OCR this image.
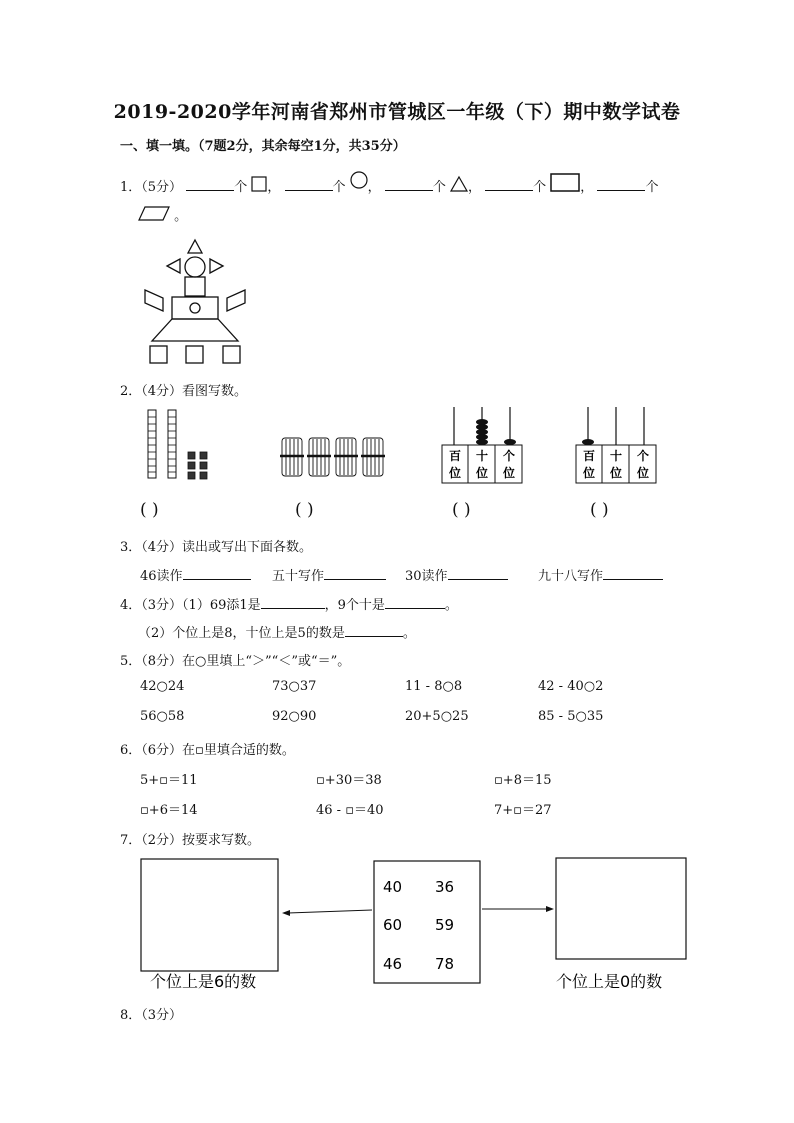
2019-2020学年河南省郑州市管城区一年级（下）期中数学试卷
一、填一填。（7题2分，其余每空1分，共35分）
1．（5分）	个 ，	个 ，	个 ，	个	，	个
。
2．（4分）看图写数。
百
位
十
位
个
位
百
位
十
位
个
位
( )	( )	( )	( )
3．（4分）读出或写出下面各数。
46读作	五十写作	30读作	九十八写作
4．（3分）（1）69添1是	，9个十是	。
（2）个位上是8，十位上是5的数是	。
5．（8分）在○里填上“＞”“＜”或“＝”。
42○24	73○37	11 - 8○8	42 - 40○2
56○58	92○90	20+5○25	85 - 5○35
6．（6分）在▫里填合适的数。
5+▫＝11	▫+30＝38	▫+8＝15
▫+6＝14	46 - ▫＝40	7+▫＝27
7．（2分）按要求写数。
40 36
60 59
46 78
个位上是6的数	个位上是0的数
8．（3分）
